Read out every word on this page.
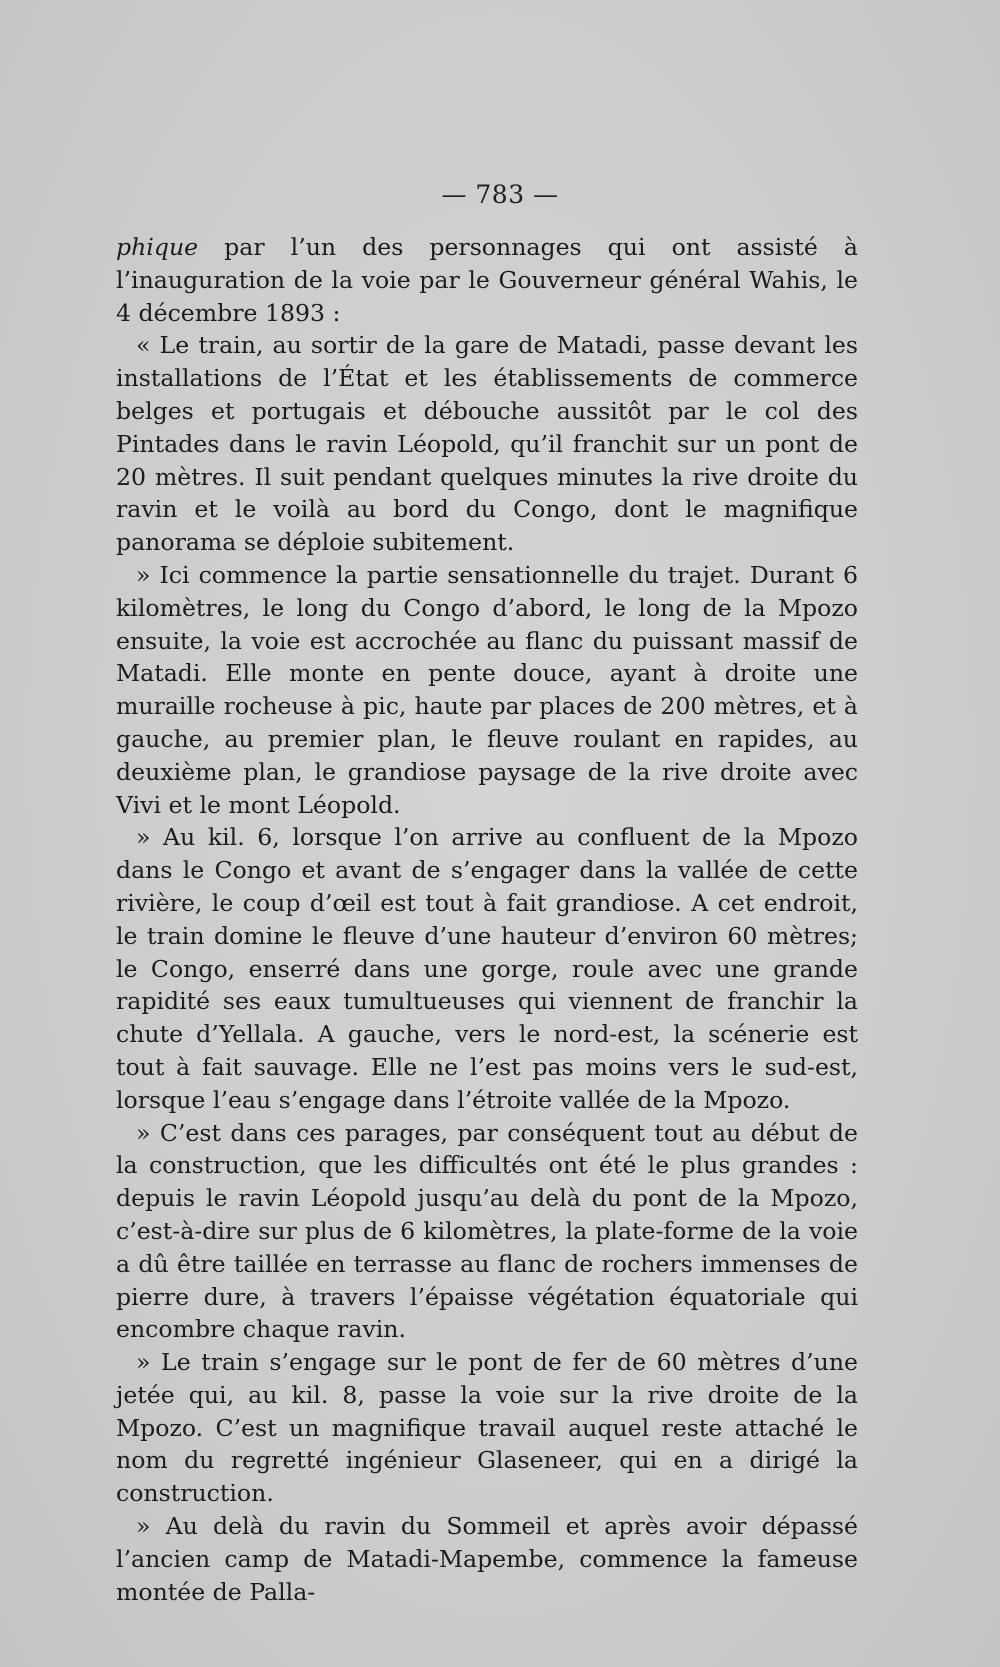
— 783 —

phique par l’un des personnages qui ont assisté à l’inauguration de la voie par le Gouverneur général Wahis, le 4 décembre 1893 :

« Le train, au sortir de la gare de Matadi, passe devant les installations de l’État et les établissements de commerce belges et portugais et débouche aussitôt par le col des Pintades dans le ravin Léopold, qu’il franchit sur un pont de 20 mètres. Il suit pendant quelques minutes la rive droite du ravin et le voilà au bord du Congo, dont le magnifique panorama se déploie subitement.

» Ici commence la partie sensationnelle du trajet. Durant 6 kilomètres, le long du Congo d’abord, le long de la Mpozo ensuite, la voie est accrochée au flanc du puissant massif de Matadi. Elle monte en pente douce, ayant à droite une muraille rocheuse à pic, haute par places de 200 mètres, et à gauche, au premier plan, le fleuve roulant en rapides, au deuxième plan, le grandiose paysage de la rive droite avec Vivi et le mont Léopold.

» Au kil. 6, lorsque l’on arrive au confluent de la Mpozo dans le Congo et avant de s’engager dans la vallée de cette rivière, le coup d’œil est tout à fait grandiose. A cet endroit, le train domine le fleuve d’une hauteur d’environ 60 mètres; le Congo, enserré dans une gorge, roule avec une grande rapidité ses eaux tumultueuses qui viennent de franchir la chute d’Yellala. A gauche, vers le nord-est, la scénerie est tout à fait sauvage. Elle ne l’est pas moins vers le sud-est, lorsque l’eau s’engage dans l’étroite vallée de la Mpozo.

» C’est dans ces parages, par conséquent tout au début de la construction, que les difficultés ont été le plus grandes : depuis le ravin Léopold jusqu’au delà du pont de la Mpozo, c’est-à-dire sur plus de 6 kilomètres, la plate-forme de la voie a dû être taillée en terrasse au flanc de rochers immenses de pierre dure, à travers l’épaisse végétation équatoriale qui encombre chaque ravin.

» Le train s’engage sur le pont de fer de 60 mètres d’une jetée qui, au kil. 8, passe la voie sur la rive droite de la Mpozo. C’est un magnifique travail auquel reste attaché le nom du regretté ingénieur Glaseneer, qui en a dirigé la construction.

» Au delà du ravin du Sommeil et après avoir dépassé l’ancien camp de Matadi-Mapembe, commence la fameuse montée de Palla-
